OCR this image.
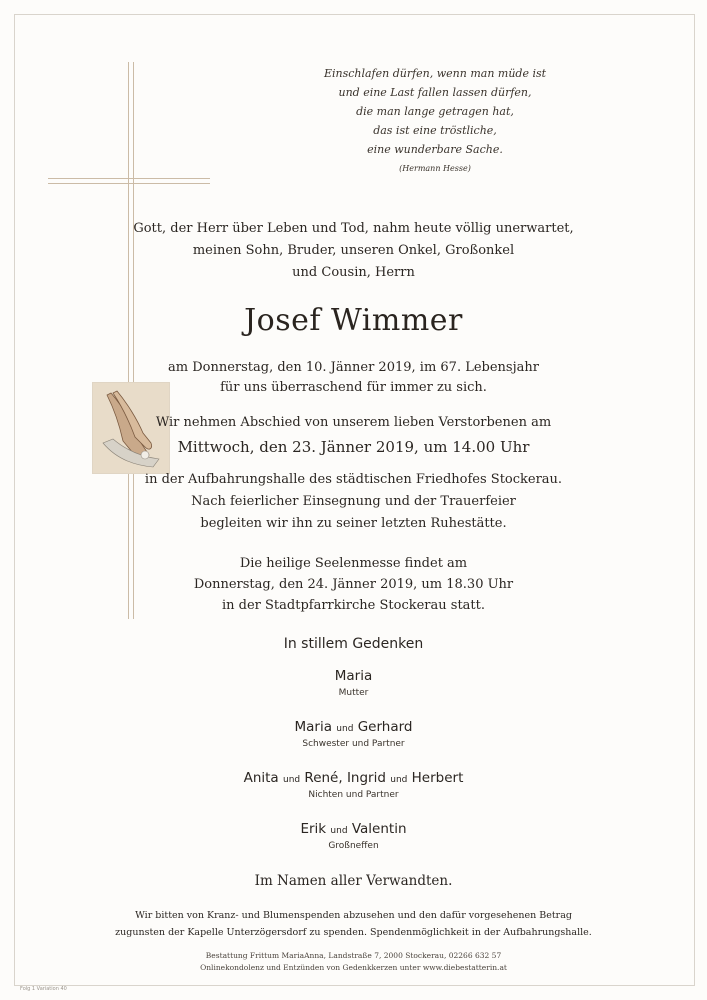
Einschlafen dürfen, wenn man müde ist
und eine Last fallen lassen dürfen,
die man lange getragen hat,
das ist eine tröstliche,
eine wunderbare Sache.
(Hermann Hesse)
Gott, der Herr über Leben und Tod, nahm heute völlig unerwartet,
meinen Sohn, Bruder, unseren Onkel, Großonkel
und Cousin, Herrn
Josef Wimmer
am Donnerstag, den 10. Jänner 2019, im 67. Lebensjahr
für uns überraschend für immer zu sich.
Wir nehmen Abschied von unserem lieben Verstorbenen am
Mittwoch, den 23. Jänner 2019, um 14.00 Uhr
in der Aufbahrungshalle des städtischen Friedhofes Stockerau.
Nach feierlicher Einsegnung und der Trauerfeier
begleiten wir ihn zu seiner letzten Ruhestätte.
Die heilige Seelenmesse findet am
Donnerstag, den 24. Jänner 2019, um 18.30 Uhr
in der Stadtpfarrkirche Stockerau statt.
In stillem Gedenken
Maria
Mutter
Maria und Gerhard
Schwester und Partner
Anita und René, Ingrid und Herbert
Nichten und Partner
Erik und Valentin
Großneffen
Im Namen aller Verwandten.
Wir bitten von Kranz- und Blumenspenden abzusehen und den dafür vorgesehenen Betrag
zugunsten der Kapelle Unterzögersdorf zu spenden. Spendenmöglichkeit in der Aufbahrungshalle.
Bestattung Frittum MariaAnna, Landstraße 7, 2000 Stockerau, 02266 632 57
Onlinekondolenz und Entzünden von Gedenkkerzen unter www.diebestatterin.at
Folg 1 Variation 40
